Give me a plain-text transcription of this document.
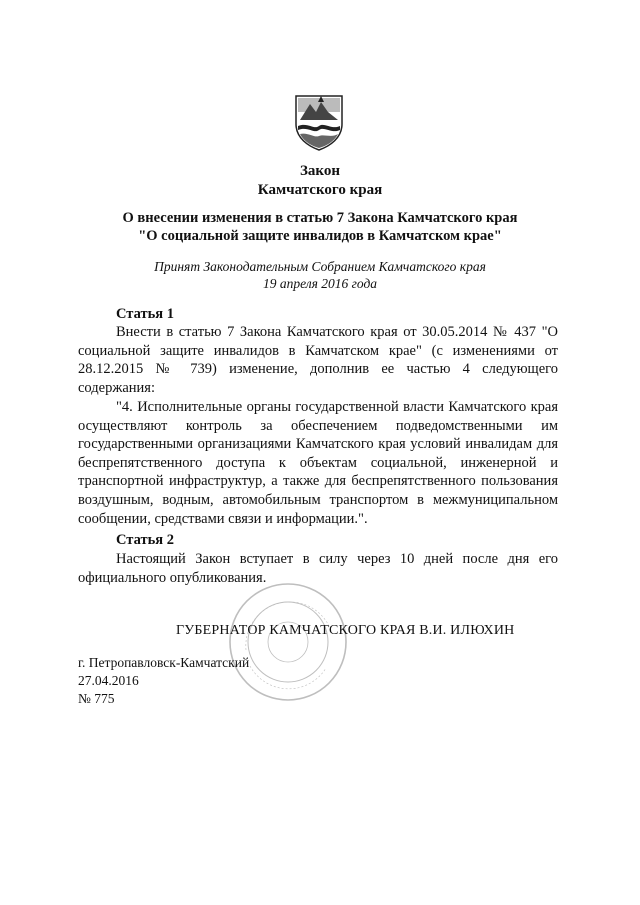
Закон
Камчатского края
О внесении изменения в статью 7 Закона Камчатского края
"О социальной защите инвалидов в Камчатском крае"
Принят Законодательным Собранием Камчатского края
19 апреля 2016 года
Статья 1

Внести в статью 7 Закона Камчатского края от 30.05.2014 № 437 "О социальной защите инвалидов в Камчатском крае" (с изменениями от 28.12.2015 № 739) изменение, дополнив ее частью 4 следующего содержания:

"4. Исполнительные органы государственной власти Камчатского края осуществляют контроль за обеспечением подведомственными им государственными организациями Камчатского края условий инвалидам для беспрепятственного доступа к объектам социальной, инженерной и транспортной инфраструктур, а также для беспрепятственного пользования воздушным, водным, автомобильным транспортом в межмуниципальном сообщении, средствами связи и информации.".

Статья 2

Настоящий Закон вступает в силу через 10 дней после дня его официального опубликования.

ГУБЕРНАТОР КАМЧАТСКОГО КРАЯ В.И. ИЛЮХИН
г. Петропавловск-Камчатский
27.04.2016
№ 775
